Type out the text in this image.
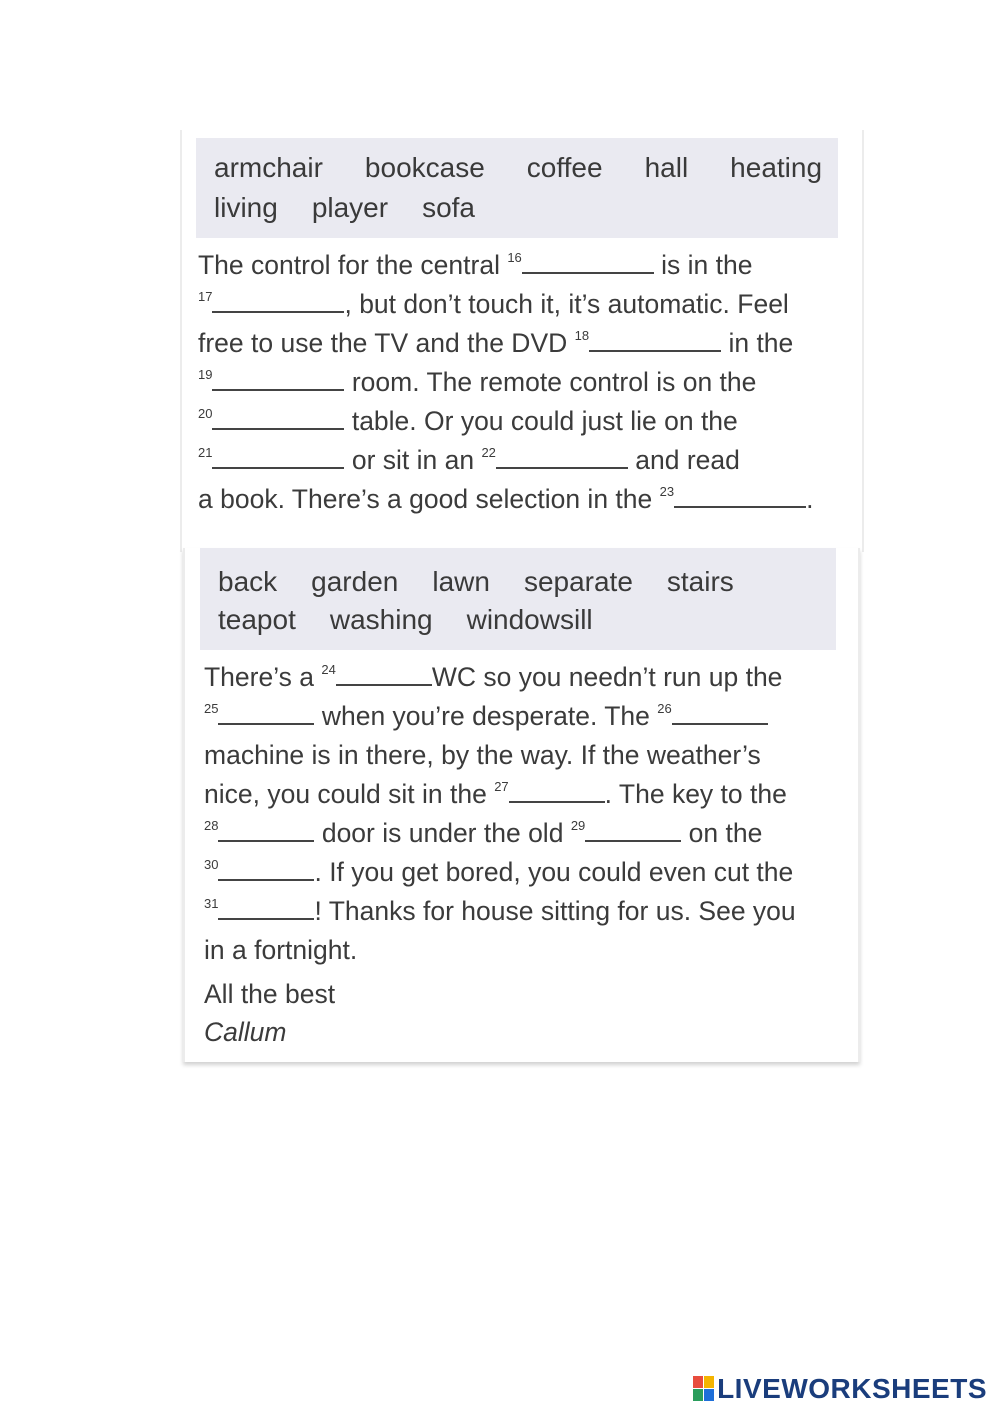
armchair bookcase coffee hall heating
living player sofa
The control for the central $^{16}$	is in the
$^{17}$	, but don’t touch it, it’s automatic. Feel
free to use the TV and the DVD $^{18}$	in the
$^{19}$	room. The remote control is on the
$^{20}$	table. Or you could just lie on the
$^{21}$	or sit in an $^{22}$	and read
a book. There’s a good selection in the $^{23}$	.
back garden lawn separate stairs
teapot washing windowsill
There’s a $^{24}$	WC so you needn’t run up the
$^{25}$	when you’re desperate. The $^{26}$
machine is in there, by the way. If the weather’s
nice, you could sit in the $^{27}$	. The key to the
$^{28}$	door is under the old $^{29}$	on the
$^{30}$	. If you get bored, you could even cut the
$^{31}$	! Thanks for house sitting for us. See you
in a fortnight.
All the best
Callum
LIVEWORKSHEETS
